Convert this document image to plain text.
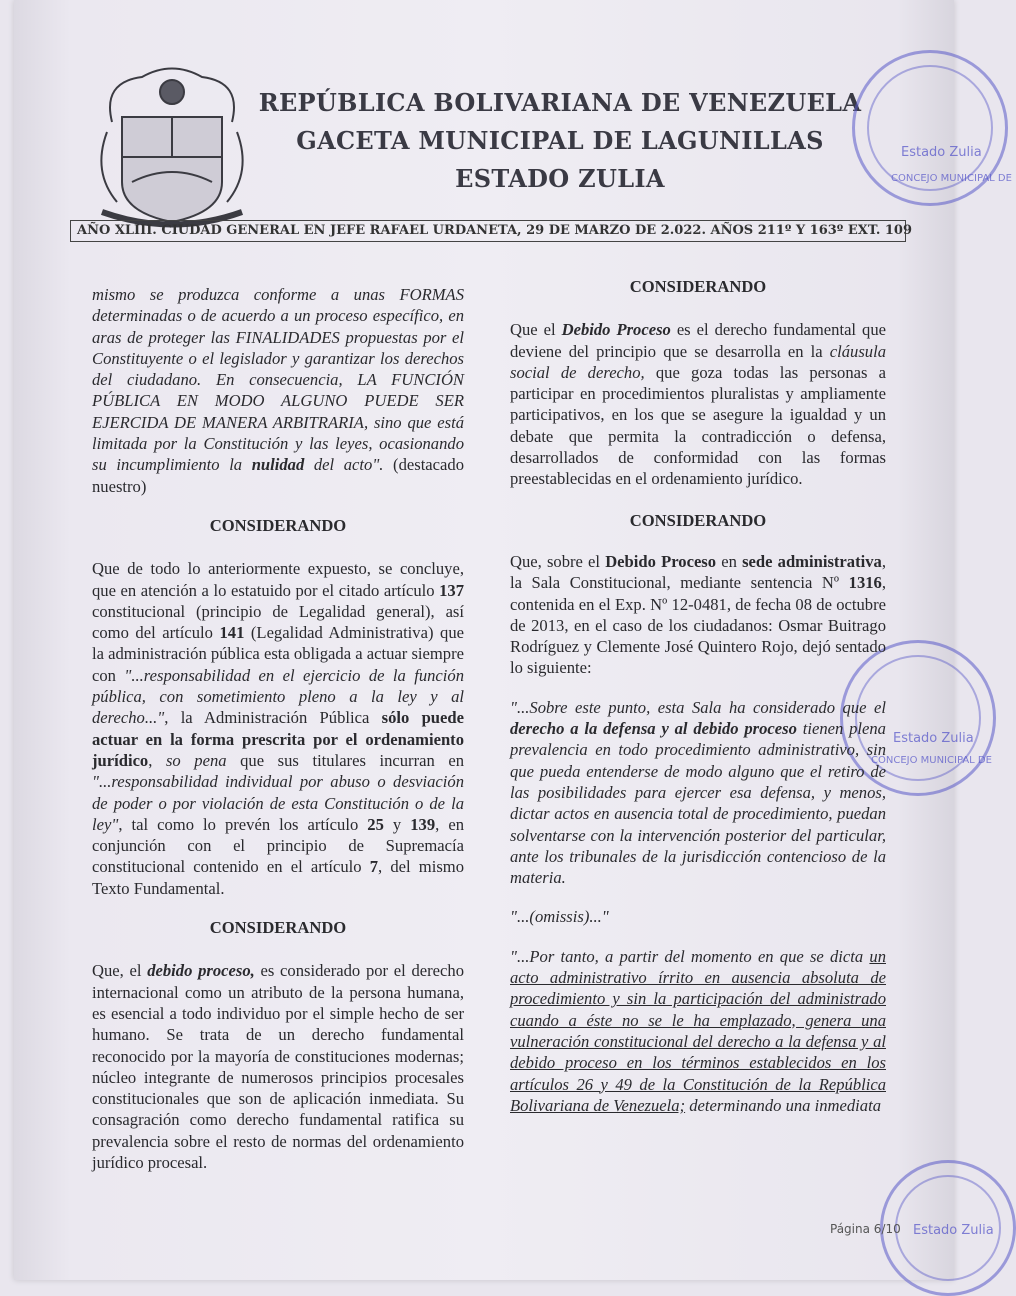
REPÚBLICA BOLIVARIANA DE VENEZUELA
GACETA MUNICIPAL DE LAGUNILLAS
ESTADO ZULIA
AÑO XLIII. CIUDAD GENERAL EN JEFE RAFAEL URDANETA, 29 DE MARZO DE 2.022. AÑOS 211º Y 163º EXT. 109
Estado Zulia
CONCEJO MUNICIPAL DE
Estado Zulia
CONCEJO MUNICIPAL DE
Estado Zulia

mismo se produzca conforme a unas FORMAS determinadas o de acuerdo a un proceso específico, en aras de proteger las FINALIDADES propuestas por el Constituyente o el legislador y garantizar los derechos del ciudadano. En consecuencia, LA FUNCIÓN PÚBLICA EN MODO ALGUNO PUEDE SER EJERCIDA DE MANERA ARBITRARIA, sino que está limitada por la Constitución y las leyes, ocasionando su incumplimiento la nulidad del acto". (destacado nuestro)

CONSIDERANDO

Que de todo lo anteriormente expuesto, se concluye, que en atención a lo estatuido por el citado artículo 137 constitucional (principio de Legalidad general), así como del artículo 141 (Legalidad Administrativa) que la administración pública esta obligada a actuar siempre con "...responsabilidad en el ejercicio de la función pública, con sometimiento pleno a la ley y al derecho...", la Administración Pública sólo puede actuar en la forma prescrita por el ordenamiento jurídico, so pena que sus titulares incurran en "...responsabilidad individual por abuso o desviación de poder o por violación de esta Constitución o de la ley", tal como lo prevén los artículo 25 y 139, en conjunción con el principio de Supremacía constitucional contenido en el artículo 7, del mismo Texto Fundamental.

CONSIDERANDO

Que, el debido proceso, es considerado por el derecho internacional como un atributo de la persona humana, es esencial a todo individuo por el simple hecho de ser humano. Se trata de un derecho fundamental reconocido por la mayoría de constituciones modernas; núcleo integrante de numerosos principios procesales constitucionales que son de aplicación inmediata. Su consagración como derecho fundamental ratifica su prevalencia sobre el resto de normas del ordenamiento jurídico procesal.

CONSIDERANDO

Que el Debido Proceso es el derecho fundamental que deviene del principio que se desarrolla en la cláusula social de derecho, que goza todas las personas a participar en procedimientos pluralistas y ampliamente participativos, en los que se asegure la igualdad y un debate que permita la contradicción o defensa, desarrollados de conformidad con las formas preestablecidas en el ordenamiento jurídico.

CONSIDERANDO

Que, sobre el Debido Proceso en sede administrativa, la Sala Constitucional, mediante sentencia Nº 1316, contenida en el Exp. Nº 12-0481, de fecha 08 de octubre de 2013, en el caso de los ciudadanos: Osmar Buitrago Rodríguez y Clemente José Quintero Rojo, dejó sentado lo siguiente:

"...Sobre este punto, esta Sala ha considerado que el derecho a la defensa y al debido proceso tienen plena prevalencia en todo procedimiento administrativo, sin que pueda entenderse de modo alguno que el retiro de las posibilidades para ejercer esa defensa, y menos, dictar actos en ausencia total de procedimiento, puedan solventarse con la intervención posterior del particular, ante los tribunales de la jurisdicción contencioso de la materia.

"...(omissis)..."

"...Por tanto, a partir del momento en que se dicta un acto administrativo írrito en ausencia absoluta de procedimiento y sin la participación del administrado cuando a éste no se le ha emplazado, genera una vulneración constitucional del derecho a la defensa y al debido proceso en los términos establecidos en los artículos 26 y 49 de la Constitución de la República Bolivariana de Venezuela; determinando una inmediata

Página 6/10
